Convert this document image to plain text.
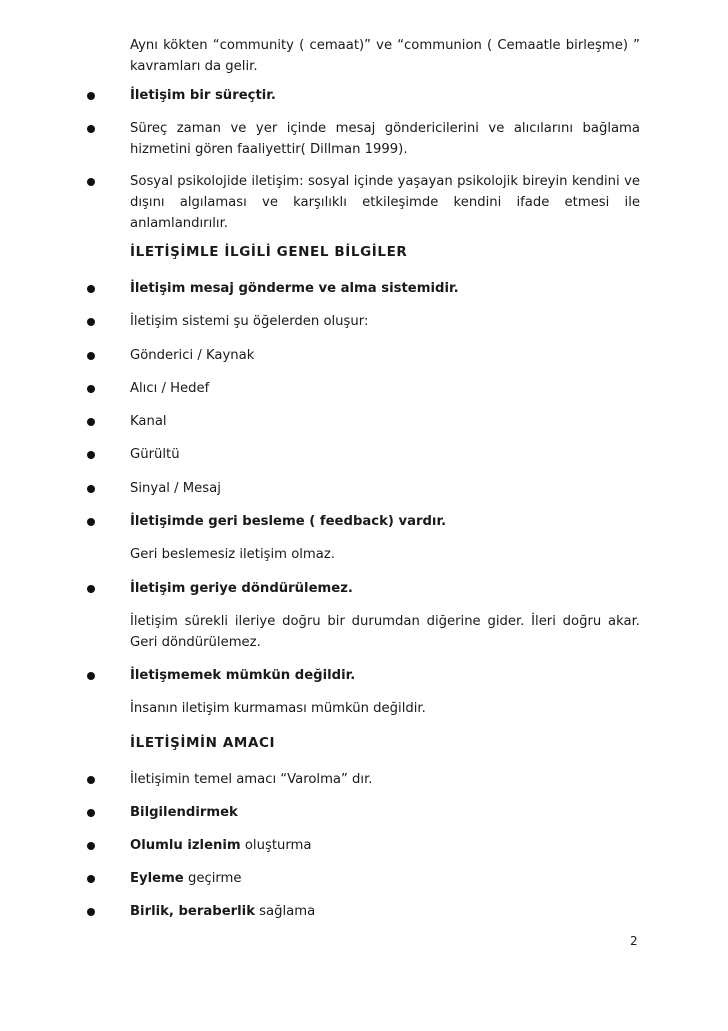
Aynı kökten “community ( cemaat)” ve “communion ( Cemaatle birleşme) ”
kavramları da gelir.

İletişim bir süreçtir.

Süreç zaman ve yer içinde mesaj göndericilerini ve alıcılarını bağlama
hizmetini gören faaliyettir( Dillman 1999).

Sosyal psikolojide iletişim: sosyal içinde yaşayan psikolojik bireyin kendini ve
dışını algılaması ve karşılıklı etkileşimde kendini ifade etmesi ile
anlamlandırılır.

İLETİŞİMLE İLGİLİ GENEL BİLGİLER

İletişim mesaj gönderme ve alma sistemidir.

İletişim sistemi şu öğelerden oluşur:

Gönderici / Kaynak

Alıcı / Hedef

Kanal

Gürültü

Sinyal / Mesaj

İletişimde geri besleme ( feedback) vardır.

Geri beslemesiz iletişim olmaz.

İletişim geriye döndürülemez.

İletişim sürekli ileriye doğru bir durumdan diğerine gider. İleri doğru akar.
Geri döndürülemez.

İletişmemek mümkün değildir.

İnsanın iletişim kurmaması mümkün değildir.

İLETİŞİMİN AMACI

İletişimin temel amacı “Varolma” dır.

Bilgilendirmek

Olumlu izlenim oluşturma

Eyleme geçirme

Birlik, beraberlik sağlama

2
